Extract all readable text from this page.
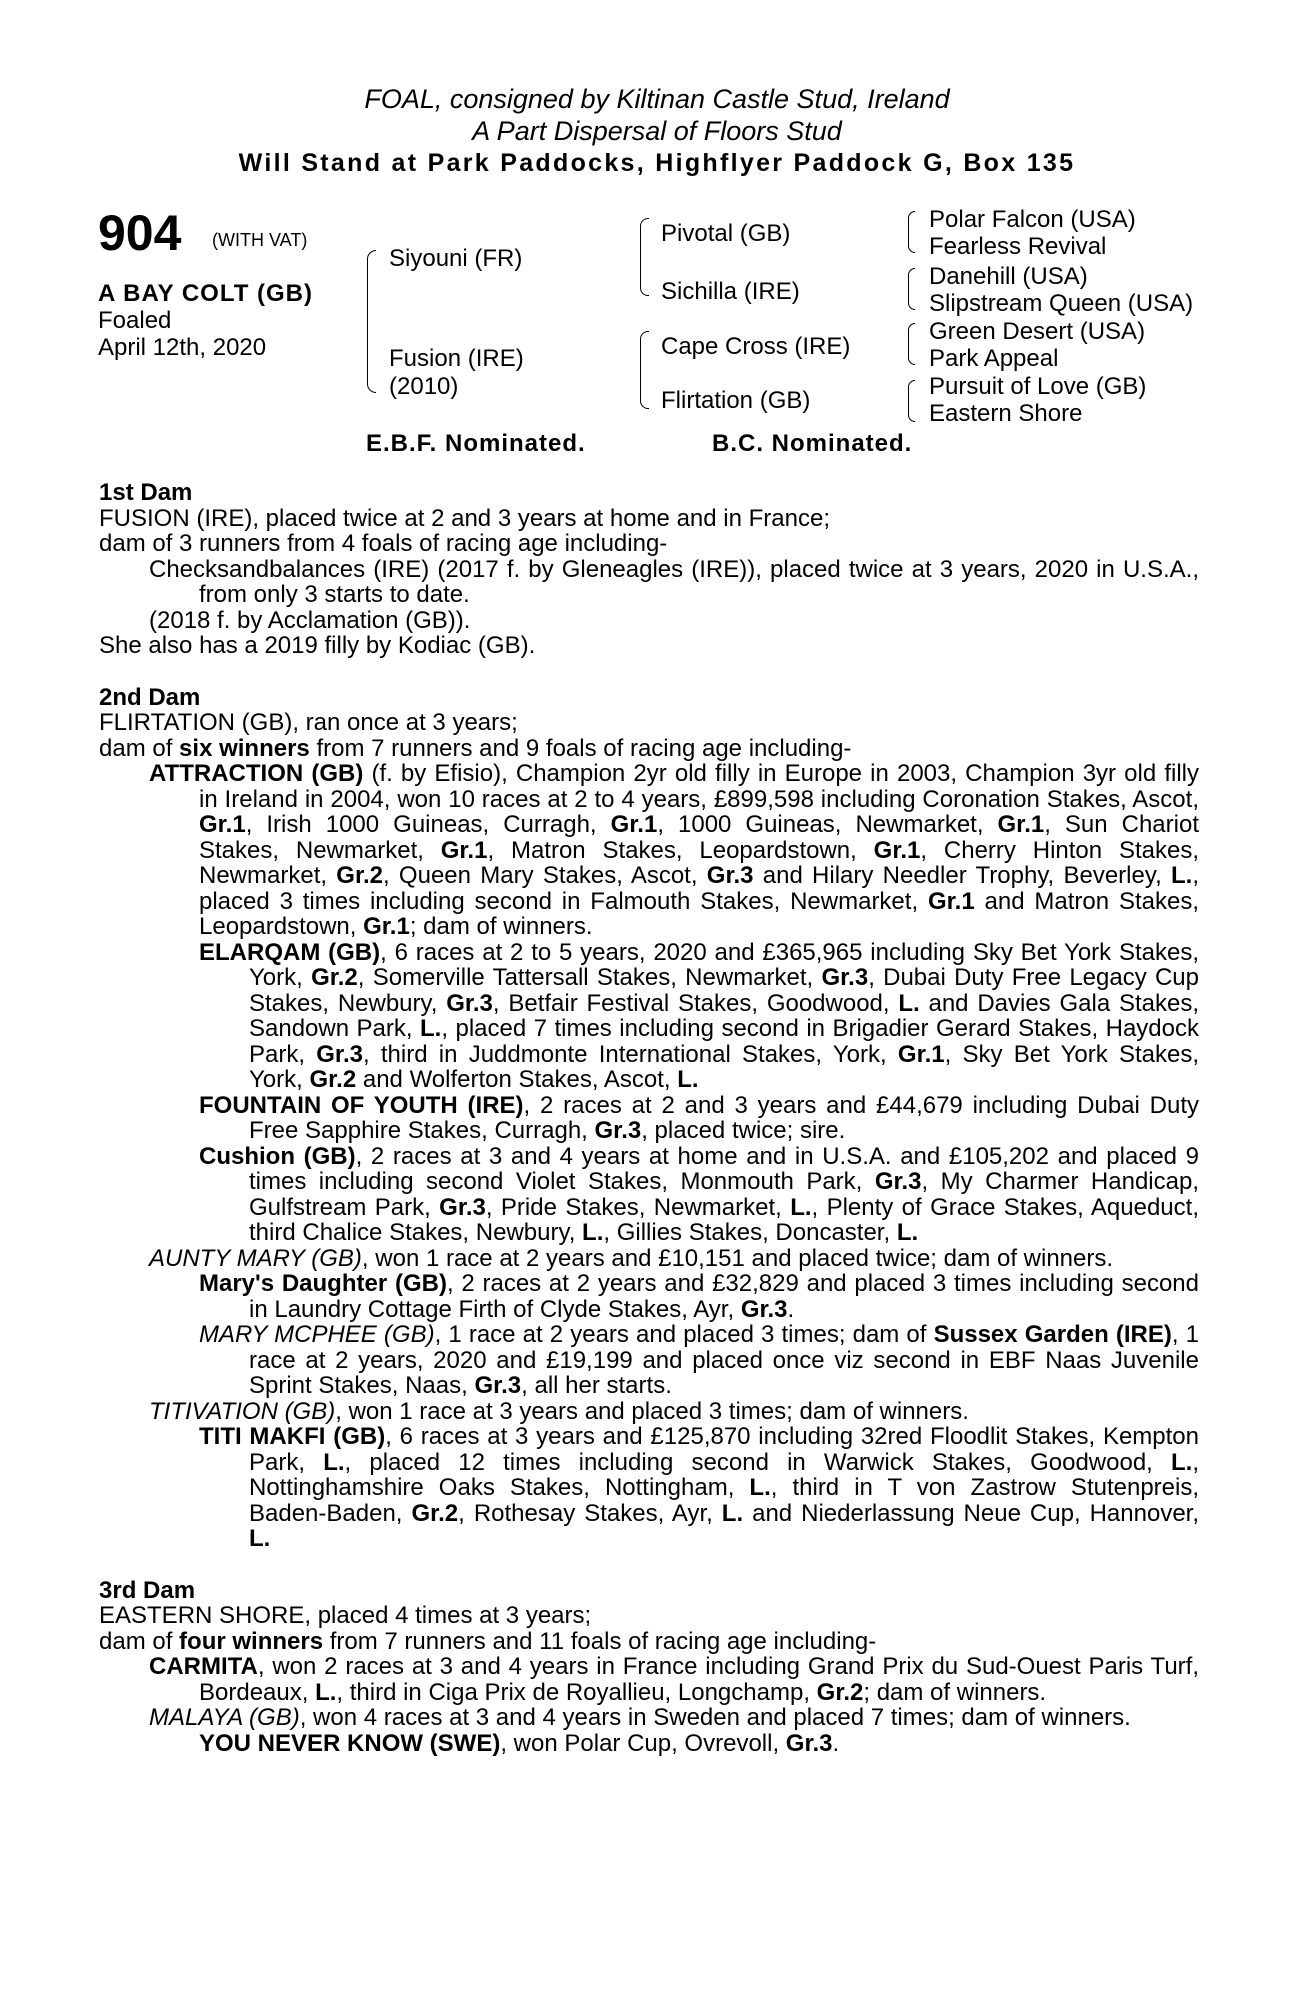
FOAL, consigned by Kiltinan Castle Stud, Ireland
A Part Dispersal of Floors Stud
Will Stand at Park Paddocks, Highflyer Paddock G, Box 135
904 (WITH VAT)
A BAY COLT (GB)
Foaled
April 12th, 2020
Siyouni (FR)
Fusion (IRE)
(2010)
Pivotal (GB)
Sichilla (IRE)
Cape Cross (IRE)
Flirtation (GB)
Polar Falcon (USA)
Fearless Revival
Danehill (USA)
Slipstream Queen (USA)
Green Desert (USA)
Park Appeal
Pursuit of Love (GB)
Eastern Shore
E.B.F. Nominated.	B.C. Nominated.

1st Dam

FUSION (IRE), placed twice at 2 and 3 years at home and in France;

dam of 3 runners from 4 foals of racing age including-

Checksandbalances (IRE) (2017 f. by Gleneagles (IRE)), placed twice at 3 years, 2020 in U.S.A., from only 3 starts to date.

(2018 f. by Acclamation (GB)).

She also has a 2019 filly by Kodiac (GB).

2nd Dam

FLIRTATION (GB), ran once at 3 years;

dam of six winners from 7 runners and 9 foals of racing age including-

ATTRACTION (GB) (f. by Efisio), Champion 2yr old filly in Europe in 2003, Champion 3yr old filly in Ireland in 2004, won 10 races at 2 to 4 years, £899,598 including Coronation Stakes, Ascot, Gr.1, Irish 1000 Guineas, Curragh, Gr.1, 1000 Guineas, Newmarket, Gr.1, Sun Chariot Stakes, Newmarket, Gr.1, Matron Stakes, Leopardstown, Gr.1, Cherry Hinton Stakes, Newmarket, Gr.2, Queen Mary Stakes, Ascot, Gr.3 and Hilary Needler Trophy, Beverley, L., placed 3 times including second in Falmouth Stakes, Newmarket, Gr.1 and Matron Stakes, Leopardstown, Gr.1; dam of winners.

ELARQAM (GB), 6 races at 2 to 5 years, 2020 and £365,965 including Sky Bet York Stakes, York, Gr.2, Somerville Tattersall Stakes, Newmarket, Gr.3, Dubai Duty Free Legacy Cup Stakes, Newbury, Gr.3, Betfair Festival Stakes, Goodwood, L. and Davies Gala Stakes, Sandown Park, L., placed 7 times including second in Brigadier Gerard Stakes, Haydock Park, Gr.3, third in Juddmonte International Stakes, York, Gr.1, Sky Bet York Stakes, York, Gr.2 and Wolferton Stakes, Ascot, L.

FOUNTAIN OF YOUTH (IRE), 2 races at 2 and 3 years and £44,679 including Dubai Duty Free Sapphire Stakes, Curragh, Gr.3, placed twice; sire.

Cushion (GB), 2 races at 3 and 4 years at home and in U.S.A. and £105,202 and placed 9 times including second Violet Stakes, Monmouth Park, Gr.3, My Charmer Handicap, Gulfstream Park, Gr.3, Pride Stakes, Newmarket, L., Plenty of Grace Stakes, Aqueduct, third Chalice Stakes, Newbury, L., Gillies Stakes, Doncaster, L.

AUNTY MARY (GB), won 1 race at 2 years and £10,151 and placed twice; dam of winners.

Mary's Daughter (GB), 2 races at 2 years and £32,829 and placed 3 times including second in Laundry Cottage Firth of Clyde Stakes, Ayr, Gr.3.

MARY MCPHEE (GB), 1 race at 2 years and placed 3 times; dam of Sussex Garden (IRE), 1 race at 2 years, 2020 and £19,199 and placed once viz second in EBF Naas Juvenile Sprint Stakes, Naas, Gr.3, all her starts.

TITIVATION (GB), won 1 race at 3 years and placed 3 times; dam of winners.

TITI MAKFI (GB), 6 races at 3 years and £125,870 including 32red Floodlit Stakes, Kempton Park, L., placed 12 times including second in Warwick Stakes, Goodwood, L., Nottinghamshire Oaks Stakes, Nottingham, L., third in T von Zastrow Stutenpreis, Baden-Baden, Gr.2, Rothesay Stakes, Ayr, L. and Niederlassung Neue Cup, Hannover, L.

3rd Dam

EASTERN SHORE, placed 4 times at 3 years;

dam of four winners from 7 runners and 11 foals of racing age including-

CARMITA, won 2 races at 3 and 4 years in France including Grand Prix du Sud-Ouest Paris Turf, Bordeaux, L., third in Ciga Prix de Royallieu, Longchamp, Gr.2; dam of winners.

MALAYA (GB), won 4 races at 3 and 4 years in Sweden and placed 7 times; dam of winners.

YOU NEVER KNOW (SWE), won Polar Cup, Ovrevoll, Gr.3.
